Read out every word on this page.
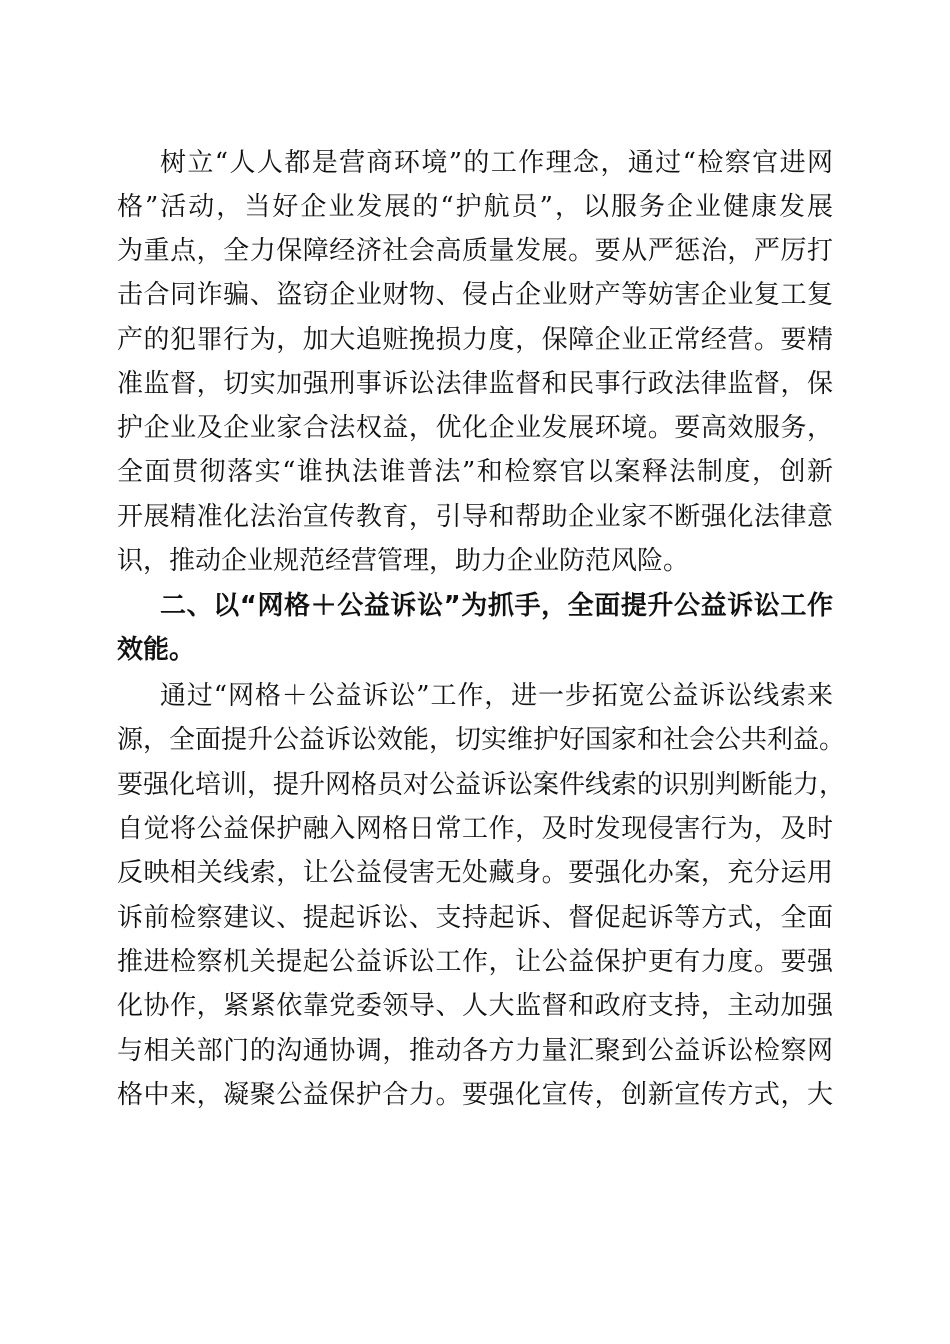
树立“人人都是营商环境”的工作理念，通过“检察官进网
格”活动，当好企业发展的“护航员”，以服务企业健康发展
为重点，全力保障经济社会高质量发展。要从严惩治，严厉打
击合同诈骗、盗窃企业财物、侵占企业财产等妨害企业复工复
产的犯罪行为，加大追赃挽损力度，保障企业正常经营。要精
准监督，切实加强刑事诉讼法律监督和民事行政法律监督，保
护企业及企业家合法权益，优化企业发展环境。要高效服务，
全面贯彻落实“谁执法谁普法”和检察官以案释法制度，创新
开展精准化法治宣传教育，引导和帮助企业家不断强化法律意
识，推动企业规范经营管理，助力企业防范风险。
二、以“网格＋公益诉讼”为抓手，全面提升公益诉讼工作
效能。
通过“网格＋公益诉讼”工作，进一步拓宽公益诉讼线索来
源，全面提升公益诉讼效能，切实维护好国家和社会公共利益。
要强化培训，提升网格员对公益诉讼案件线索的识别判断能力，
自觉将公益保护融入网格日常工作，及时发现侵害行为，及时
反映相关线索，让公益侵害无处藏身。要强化办案，充分运用
诉前检察建议、提起诉讼、支持起诉、督促起诉等方式，全面
推进检察机关提起公益诉讼工作，让公益保护更有力度。要强
化协作，紧紧依靠党委领导、人大监督和政府支持，主动加强
与相关部门的沟通协调，推动各方力量汇聚到公益诉讼检察网
格中来，凝聚公益保护合力。要强化宣传，创新宣传方式，大
